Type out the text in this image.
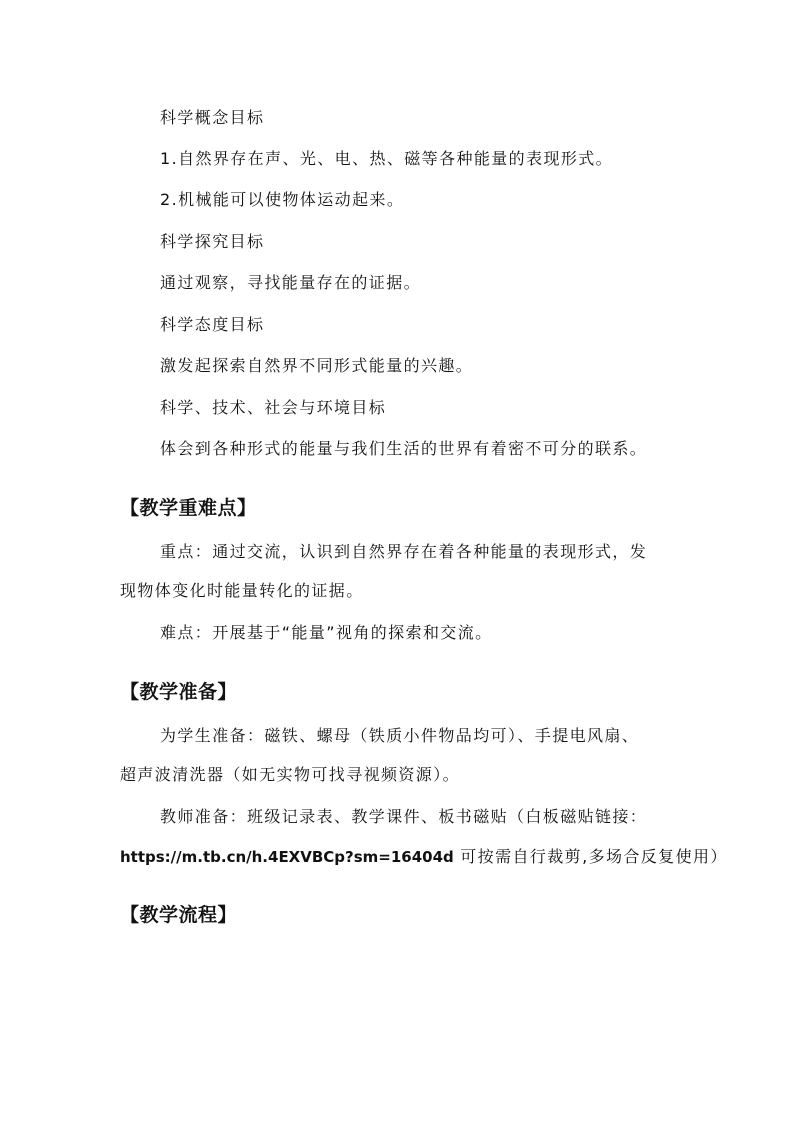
科学概念目标
1.自然界存在声、光、电、热、磁等各种能量的表现形式。
2.机械能可以使物体运动起来。
科学探究目标
通过观察，寻找能量存在的证据。
科学态度目标
激发起探索自然界不同形式能量的兴趣。
科学、技术、社会与环境目标
体会到各种形式的能量与我们生活的世界有着密不可分的联系。
【教学重难点】
重点：通过交流，认识到自然界存在着各种能量的表现形式，发
现物体变化时能量转化的证据。
难点：开展基于“能量”视角的探索和交流。
【教学准备】
为学生准备：磁铁、螺母（铁质小件物品均可）、手提电风扇、
超声波清洗器（如无实物可找寻视频资源）。
教师准备：班级记录表、教学课件、板书磁贴（白板磁贴链接：
https://m.tb.cn/h.4EXVBCp?sm=16404d 可按需自行裁剪,多场合反复使用）
【教学流程】
